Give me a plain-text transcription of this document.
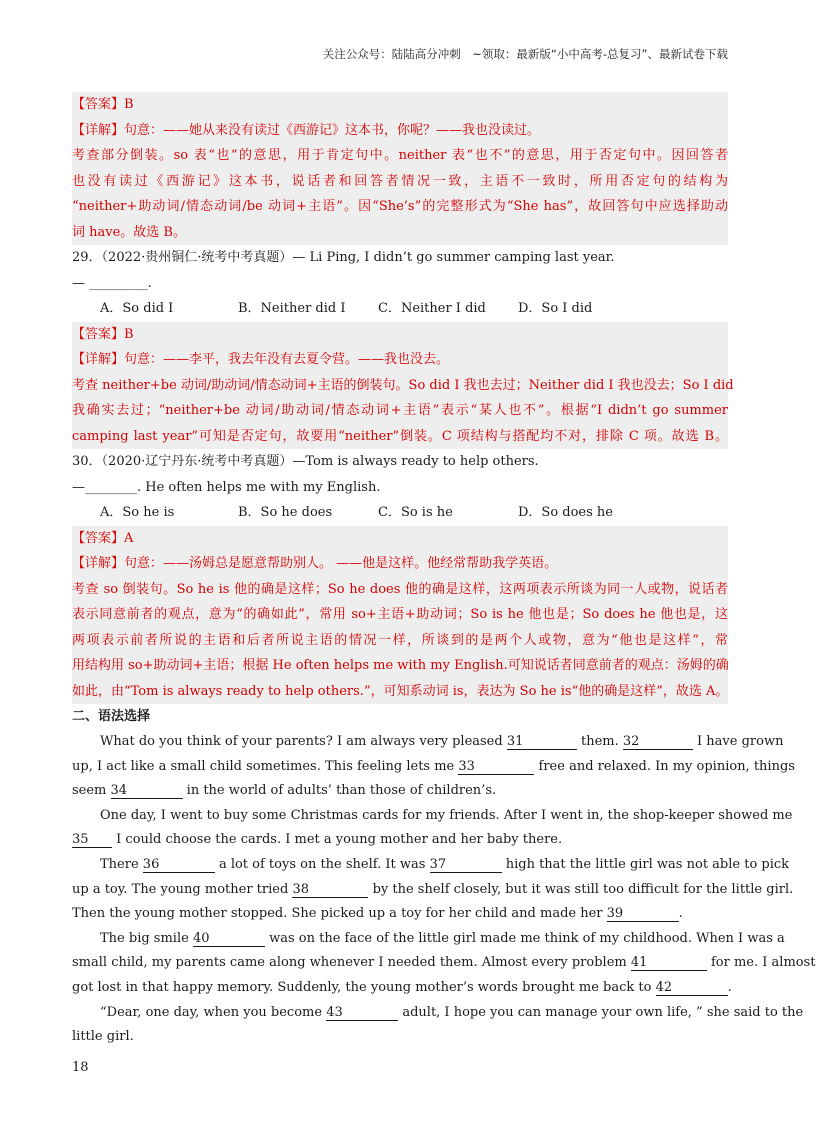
关注公众号：陆陆高分冲刺　~领取：最新版“小中高考-总复习”、最新试卷下载
【答案】B
【详解】句意：——她从来没有读过《西游记》这本书，你呢？——我也没读过。
考查部分倒装。so 表“也”的意思，用于肯定句中。neither 表“也不”的意思，用于否定句中。因回答者
也没有读过《西游记》这本书，说话者和回答者情况一致，主语不一致时，所用否定句的结构为
“neither+助动词/情态动词/be 动词+主语”。因“She’s”的完整形式为“She has”，故回答句中应选择助动
词 have。故选 B。
29．（2022·贵州铜仁·统考中考真题）— Li Ping, I didn’t go summer camping last year.
— _________.
A．So did I	B．Neither did I	C．Neither I did	D．So I did
【答案】B
【详解】句意：——李平，我去年没有去夏令营。——我也没去。
考查 neither+be 动词/助动词/情态动词+主语的倒装句。So did I 我也去过；Neither did I 我也没去；So I did
我确实去过；“neither+be 动词/助动词/情态动词+主语”表示“某人也不”。根据“I didn’t go summer
camping last year”可知是否定句，故要用“neither”倒装。C 项结构与搭配均不对，排除 C 项。故选 B。
30．（2020·辽宁丹东·统考中考真题）—Tom is always ready to help others.
—________. He often helps me with my English.
A．So he is	B．So he does	C．So is he	D．So does he
【答案】A
【详解】句意：——汤姆总是愿意帮助别人。 ——他是这样。他经常帮助我学英语。
考查 so 倒装句。So he is 他的确是这样；So he does 他的确是这样，这两项表示所谈为同一人或物，说话者
表示同意前者的观点，意为“的确如此”，常用 so+主语+助动词；So is he 他也是；So does he 他也是，这
两项表示前者所说的主语和后者所说主语的情况一样，所谈到的是两个人或物，意为“他也是这样”，常
用结构用 so+助动词+主语；根据 He often helps me with my English.可知说话者同意前者的观点：汤姆的确
如此，由“Tom is always ready to help others.”，可知系动词 is，表达为 So he is“他的确是这样”，故选 A。
二、语法选择
What do you think of your parents? I am always very pleased 31	them. 32	I have grown
up, I act like a small child sometimes. This feeling lets me 33	free and relaxed. In my opinion, things
seem 34	in the world of adults’ than those of children’s.
One day, I went to buy some Christmas cards for my friends. After I went in, the shop-keeper showed me
35 I could choose the cards. I met a young mother and her baby there.
There 36	a lot of toys on the shelf. It was 37	high that the little girl was not able to pick
up a toy. The young mother tried 38	by the shelf closely, but it was still too difficult for the little girl.
Then the young mother stopped. She picked up a toy for her child and made her 39	.
The big smile 40	was on the face of the little girl made me think of my childhood. When I was a
small child, my parents came along whenever I needed them. Almost every problem 41	for me. I almost
got lost in that happy memory. Suddenly, the young mother’s words brought me back to 42	.
“Dear, one day, when you become 43	adult, I hope you can manage your own life, ” she said to the
little girl.
18
